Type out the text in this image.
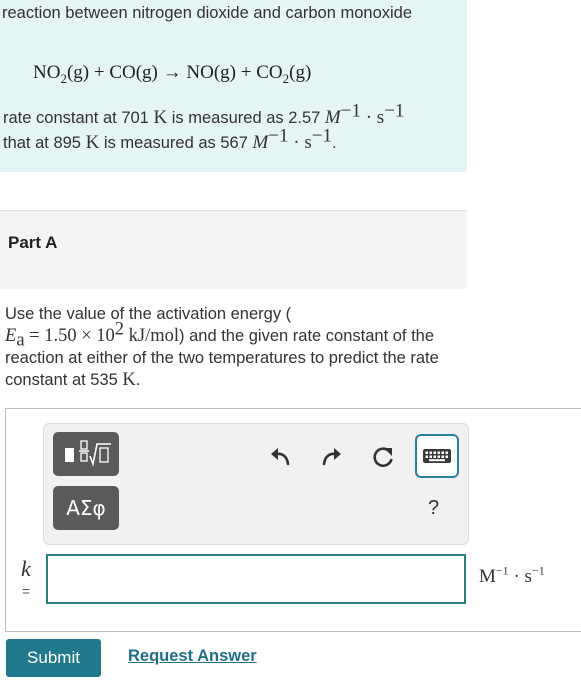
reaction between nitrogen dioxide and carbon monoxide
$NO_2(g) + CO(g) \to NO(g) + CO_2(g)$
rate constant at 701 K is measured as 2.57 $M^{-1} \cdot s^{-1}$
that at 895 K is measured as 567 $M^{-1} \cdot s^{-1}$.
Part A
Use the value of the activation energy (
$E_a = 1.50 \times 10^2$ kJ/mol) and the given rate constant of the reaction at either of the two temperatures to predict the rate constant at 535 K.
ΑΣφ	?
k
=
$M^{-1} \cdot s^{-1}$
Submit	Request Answer
